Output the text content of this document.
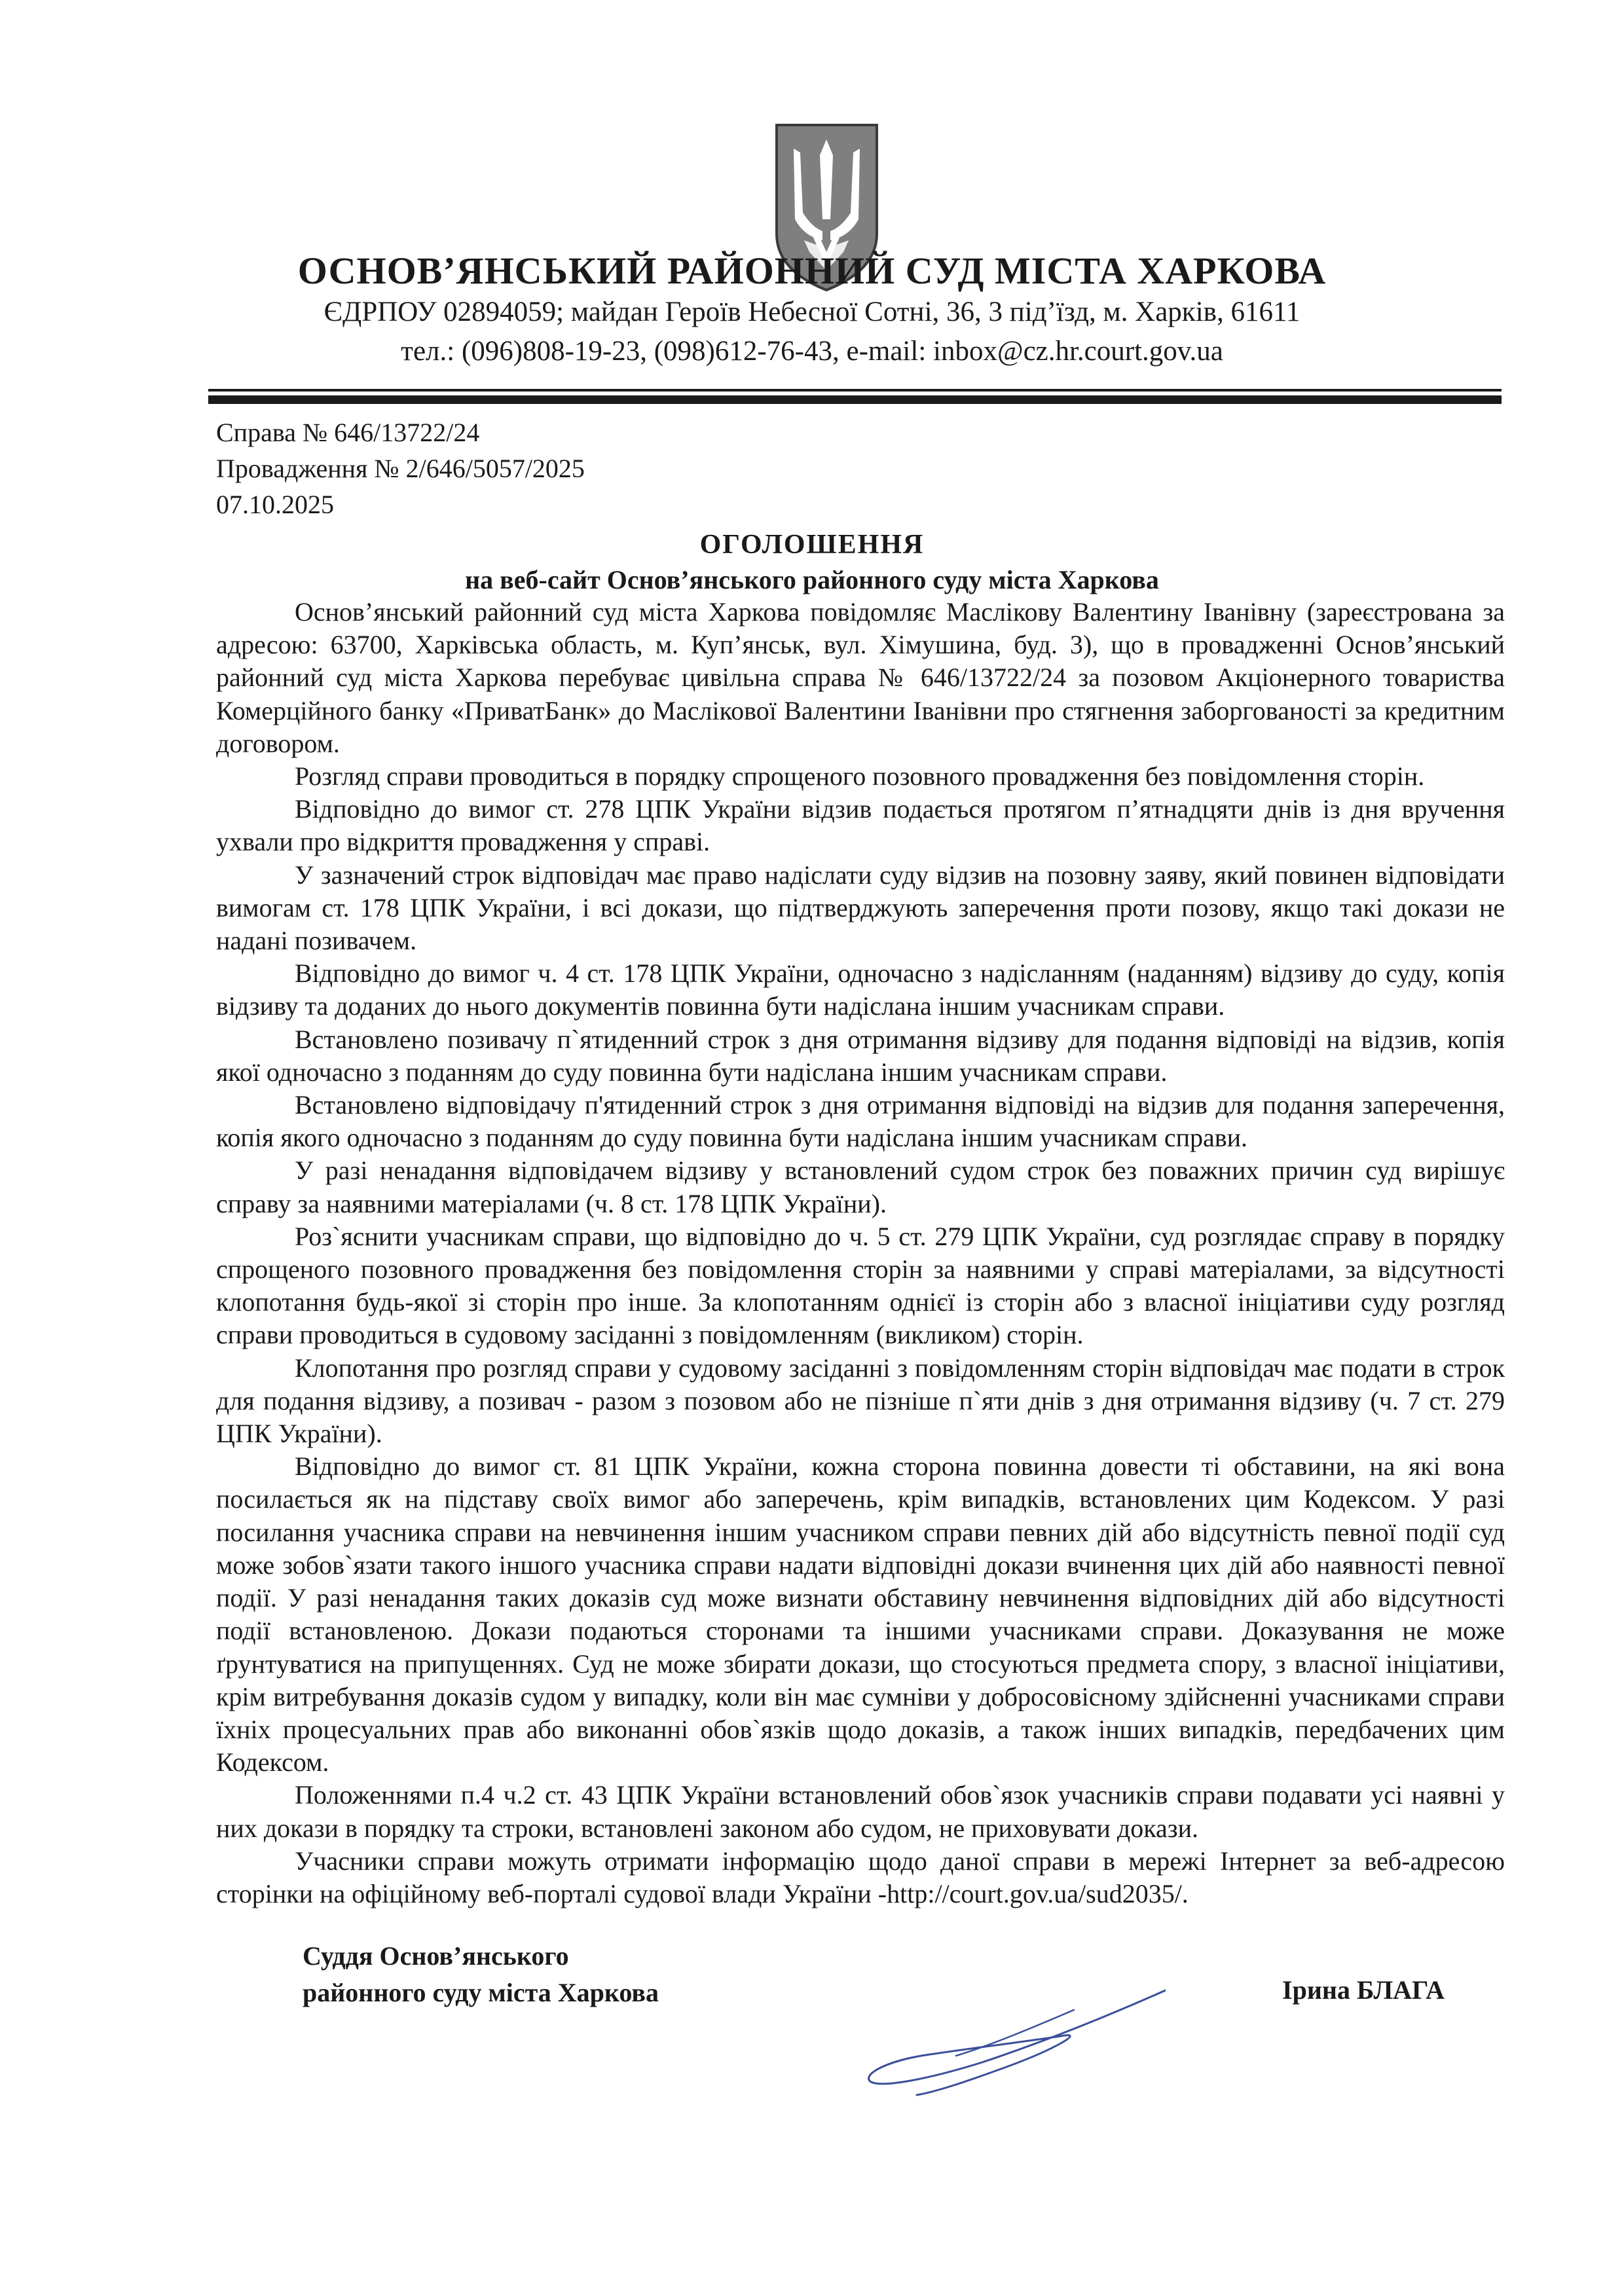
ОСНОВ’ЯНСЬКИЙ РАЙОННИЙ СУД МІСТА ХАРКОВА
ЄДРПОУ 02894059; майдан Героїв Небесної Сотні, 36, 3 під’їзд, м. Харків, 61611
тел.: (096)808-19-23, (098)612-76-43, e-mail: inbox@cz.hr.court.gov.ua
Справа № 646/13722/24
Провадження № 2/646/5057/2025
07.10.2025
ОГОЛОШЕННЯ
на веб-сайт Основ’янського районного суду міста Харкова

Основ’янський районний суд міста Харкова повідомляє Маслікову Валентину Іванівну (зареєстрована за адресою: 63700, Харківська область, м. Куп’янськ, вул. Хімушина, буд. 3), що в провадженні Основ’янський районний суд міста Харкова перебуває цивільна справа № 646/13722/24 за позовом Акціонерного товариства Комерційного банку «ПриватБанк» до Маслікової Валентини Іванівни про стягнення заборгованості за кредитним договором.

Розгляд справи проводиться в порядку спрощеного позовного провадження без повідомлення сторін.

Відповідно до вимог ст. 278 ЦПК України відзив подається протягом п’ятнадцяти днів із дня вручення ухвали про відкриття провадження у справі.

У зазначений строк відповідач має право надіслати суду відзив на позовну заяву, який повинен відповідати вимогам ст. 178 ЦПК України, і всі докази, що підтверджують заперечення проти позову, якщо такі докази не надані позивачем.

Відповідно до вимог ч. 4 ст. 178 ЦПК України, одночасно з надісланням (наданням) відзиву до суду, копія відзиву та доданих до нього документів повинна бути надіслана іншим учасникам справи.

Встановлено позивачу п`ятиденний строк з дня отримання відзиву для подання відповіді на відзив, копія якої одночасно з поданням до суду повинна бути надіслана іншим учасникам справи.

Встановлено відповідачу п'ятиденний строк з дня отримання відповіді на відзив для подання заперечення, копія якого одночасно з поданням до суду повинна бути надіслана іншим учасникам справи.

У разі ненадання відповідачем відзиву у встановлений судом строк без поважних причин суд вирішує справу за наявними матеріалами (ч. 8 ст. 178 ЦПК України).

Роз`яснити учасникам справи, що відповідно до ч. 5 ст. 279 ЦПК України, суд розглядає справу в порядку спрощеного позовного провадження без повідомлення сторін за наявними у справі матеріалами, за відсутності клопотання будь-якої зі сторін про інше. За клопотанням однієї із сторін або з власної ініціативи суду розгляд справи проводиться в судовому засіданні з повідомленням (викликом) сторін.

Клопотання про розгляд справи у судовому засіданні з повідомленням сторін відповідач має подати в строк для подання відзиву, а позивач - разом з позовом або не пізніше п`яти днів з дня отримання відзиву (ч. 7 ст. 279 ЦПК України).

Відповідно до вимог ст. 81 ЦПК України, кожна сторона повинна довести ті обставини, на які вона посилається як на підставу своїх вимог або заперечень, крім випадків, встановлених цим Кодексом. У разі посилання учасника справи на невчинення іншим учасником справи певних дій або відсутність певної події суд може зобов`язати такого іншого учасника справи надати відповідні докази вчинення цих дій або наявності певної події. У разі ненадання таких доказів суд може визнати обставину невчинення відповідних дій або відсутності події встановленою. Докази подаються сторонами та іншими учасниками справи. Доказування не може ґрунтуватися на припущеннях. Суд не може збирати докази, що стосуються предмета спору, з власної ініціативи, крім витребування доказів судом у випадку, коли він має сумніви у добросовісному здійсненні учасниками справи їхніх процесуальних прав або виконанні обов`язків щодо доказів, а також інших випадків, передбачених цим Кодексом.

Положеннями п.4 ч.2 ст. 43 ЦПК України встановлений обов`язок учасників справи подавати усі наявні у них докази в порядку та строки, встановлені законом або судом, не приховувати докази.

Учасники справи можуть отримати інформацію щодо даної справи в мережі Інтернет за веб-адресою сторінки на офіційному веб-порталі судової влади України -http://court.gov.ua/sud2035/.

Суддя Основ’янського
районного суду міста Харкова	Ірина БЛАГА
